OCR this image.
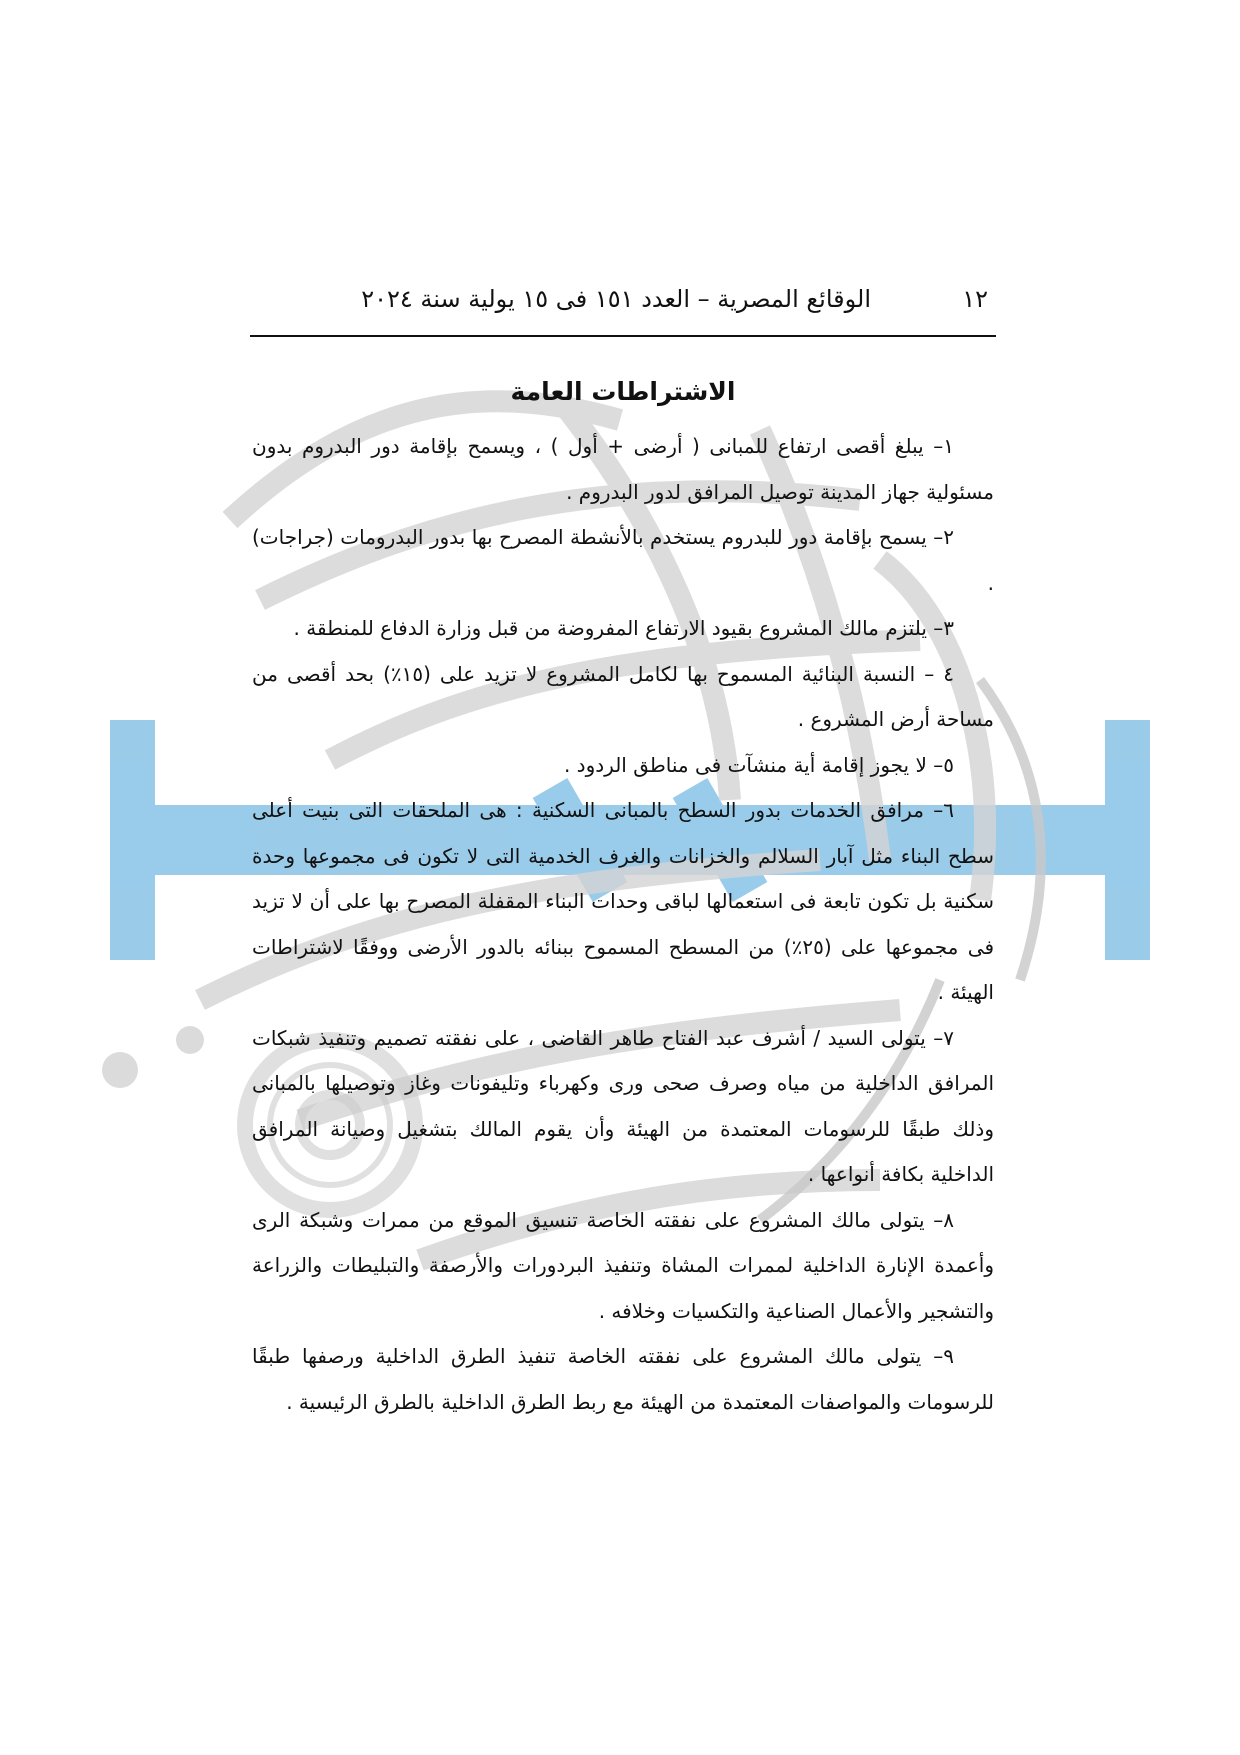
١٢
الوقائع المصرية – العدد ١٥١ فى ١٥ يولية سنة ٢٠٢٤
الاشتراطات العامة

١– يبلغ أقصى ارتفاع للمبانى ( أرضى + أول ) ، ويسمح بإقامة دور البدروم بدون مسئولية جهاز المدينة توصيل المرافق لدور البدروم .

٢– يسمح بإقامة دور للبدروم يستخدم بالأنشطة المصرح بها بدور البدرومات (جراجات) .

٣– يلتزم مالك المشروع بقيود الارتفاع المفروضة من قبل وزارة الدفاع للمنطقة .

٤ – النسبة البنائية المسموح بها لكامل المشروع لا تزيد على (١٥٪) بحد أقصى من مساحة أرض المشروع .

٥– لا يجوز إقامة أية منشآت فى مناطق الردود .

٦– مرافق الخدمات بدور السطح بالمبانى السكنية : هى الملحقات التى بنيت أعلى سطح البناء مثل آبار السلالم والخزانات والغرف الخدمية التى لا تكون فى مجموعها وحدة سكنية بل تكون تابعة فى استعمالها لباقى وحدات البناء المقفلة المصرح بها على أن لا تزيد فى مجموعها على (٢٥٪) من المسطح المسموح ببنائه بالدور الأرضى ووفقًا لاشتراطات الهيئة .

٧– يتولى السيد / أشرف عبد الفتاح طاهر القاضى ، على نفقته تصميم وتنفيذ شبكات المرافق الداخلية من مياه وصرف صحى ورى وكهرباء وتليفونات وغاز وتوصيلها بالمبانى وذلك طبقًا للرسومات المعتمدة من الهيئة وأن يقوم المالك بتشغيل وصيانة المرافق الداخلية بكافة أنواعها .

٨– يتولى مالك المشروع على نفقته الخاصة تنسيق الموقع من ممرات وشبكة الرى وأعمدة الإنارة الداخلية لممرات المشاة وتنفيذ البردورات والأرصفة والتبليطات والزراعة والتشجير والأعمال الصناعية والتكسيات وخلافه .

٩– يتولى مالك المشروع على نفقته الخاصة تنفيذ الطرق الداخلية ورصفها طبقًا للرسومات والمواصفات المعتمدة من الهيئة مع ربط الطرق الداخلية بالطرق الرئيسية .
